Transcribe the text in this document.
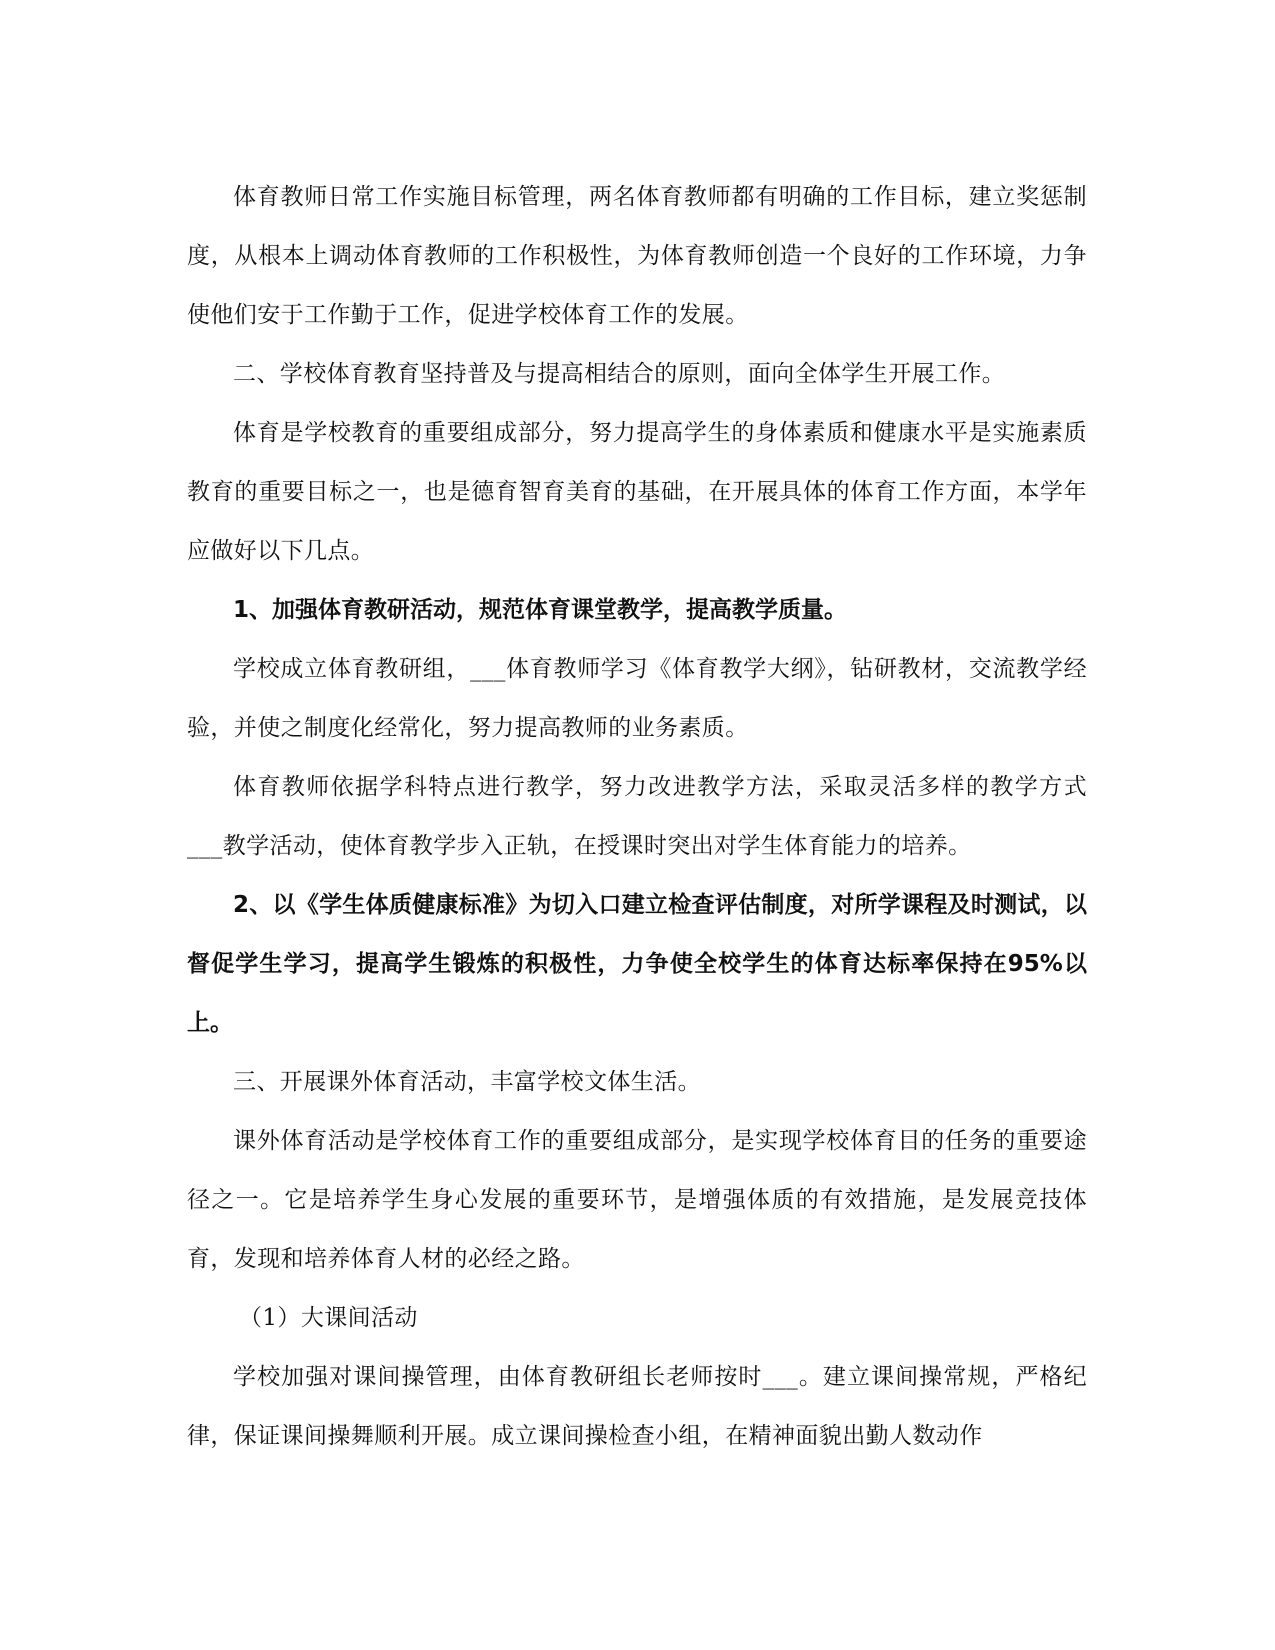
体育教师日常工作实施目标管理，两名体育教师都有明确的工作目标，建立奖惩制度，从根本上调动体育教师的工作积极性，为体育教师创造一个良好的工作环境，力争使他们安于工作勤于工作，促进学校体育工作的发展。

二、学校体育教育坚持普及与提高相结合的原则，面向全体学生开展工作。

体育是学校教育的重要组成部分，努力提高学生的身体素质和健康水平是实施素质教育的重要目标之一，也是德育智育美育的基础，在开展具体的体育工作方面，本学年应做好以下几点。

1、加强体育教研活动，规范体育课堂教学，提高教学质量。

学校成立体育教研组，___体育教师学习《体育教学大纲》，钻研教材，交流教学经验，并使之制度化经常化，努力提高教师的业务素质。

体育教师依据学科特点进行教学，努力改进教学方法，采取灵活多样的教学方式___教学活动，使体育教学步入正轨，在授课时突出对学生体育能力的培养。

2、以《学生体质健康标准》为切入口建立检查评估制度，对所学课程及时测试，以督促学生学习，提高学生锻炼的积极性，力争使全校学生的体育达标率保持在95%以上。

三、开展课外体育活动，丰富学校文体生活。

课外体育活动是学校体育工作的重要组成部分，是实现学校体育目的任务的重要途径之一。它是培养学生身心发展的重要环节，是增强体质的有效措施，是发展竞技体育，发现和培养体育人材的必经之路。

（1）大课间活动

学校加强对课间操管理，由体育教研组长老师按时___。建立课间操常规，严格纪律，保证课间操舞顺利开展。成立课间操检查小组，在精神面貌出勤人数动作
